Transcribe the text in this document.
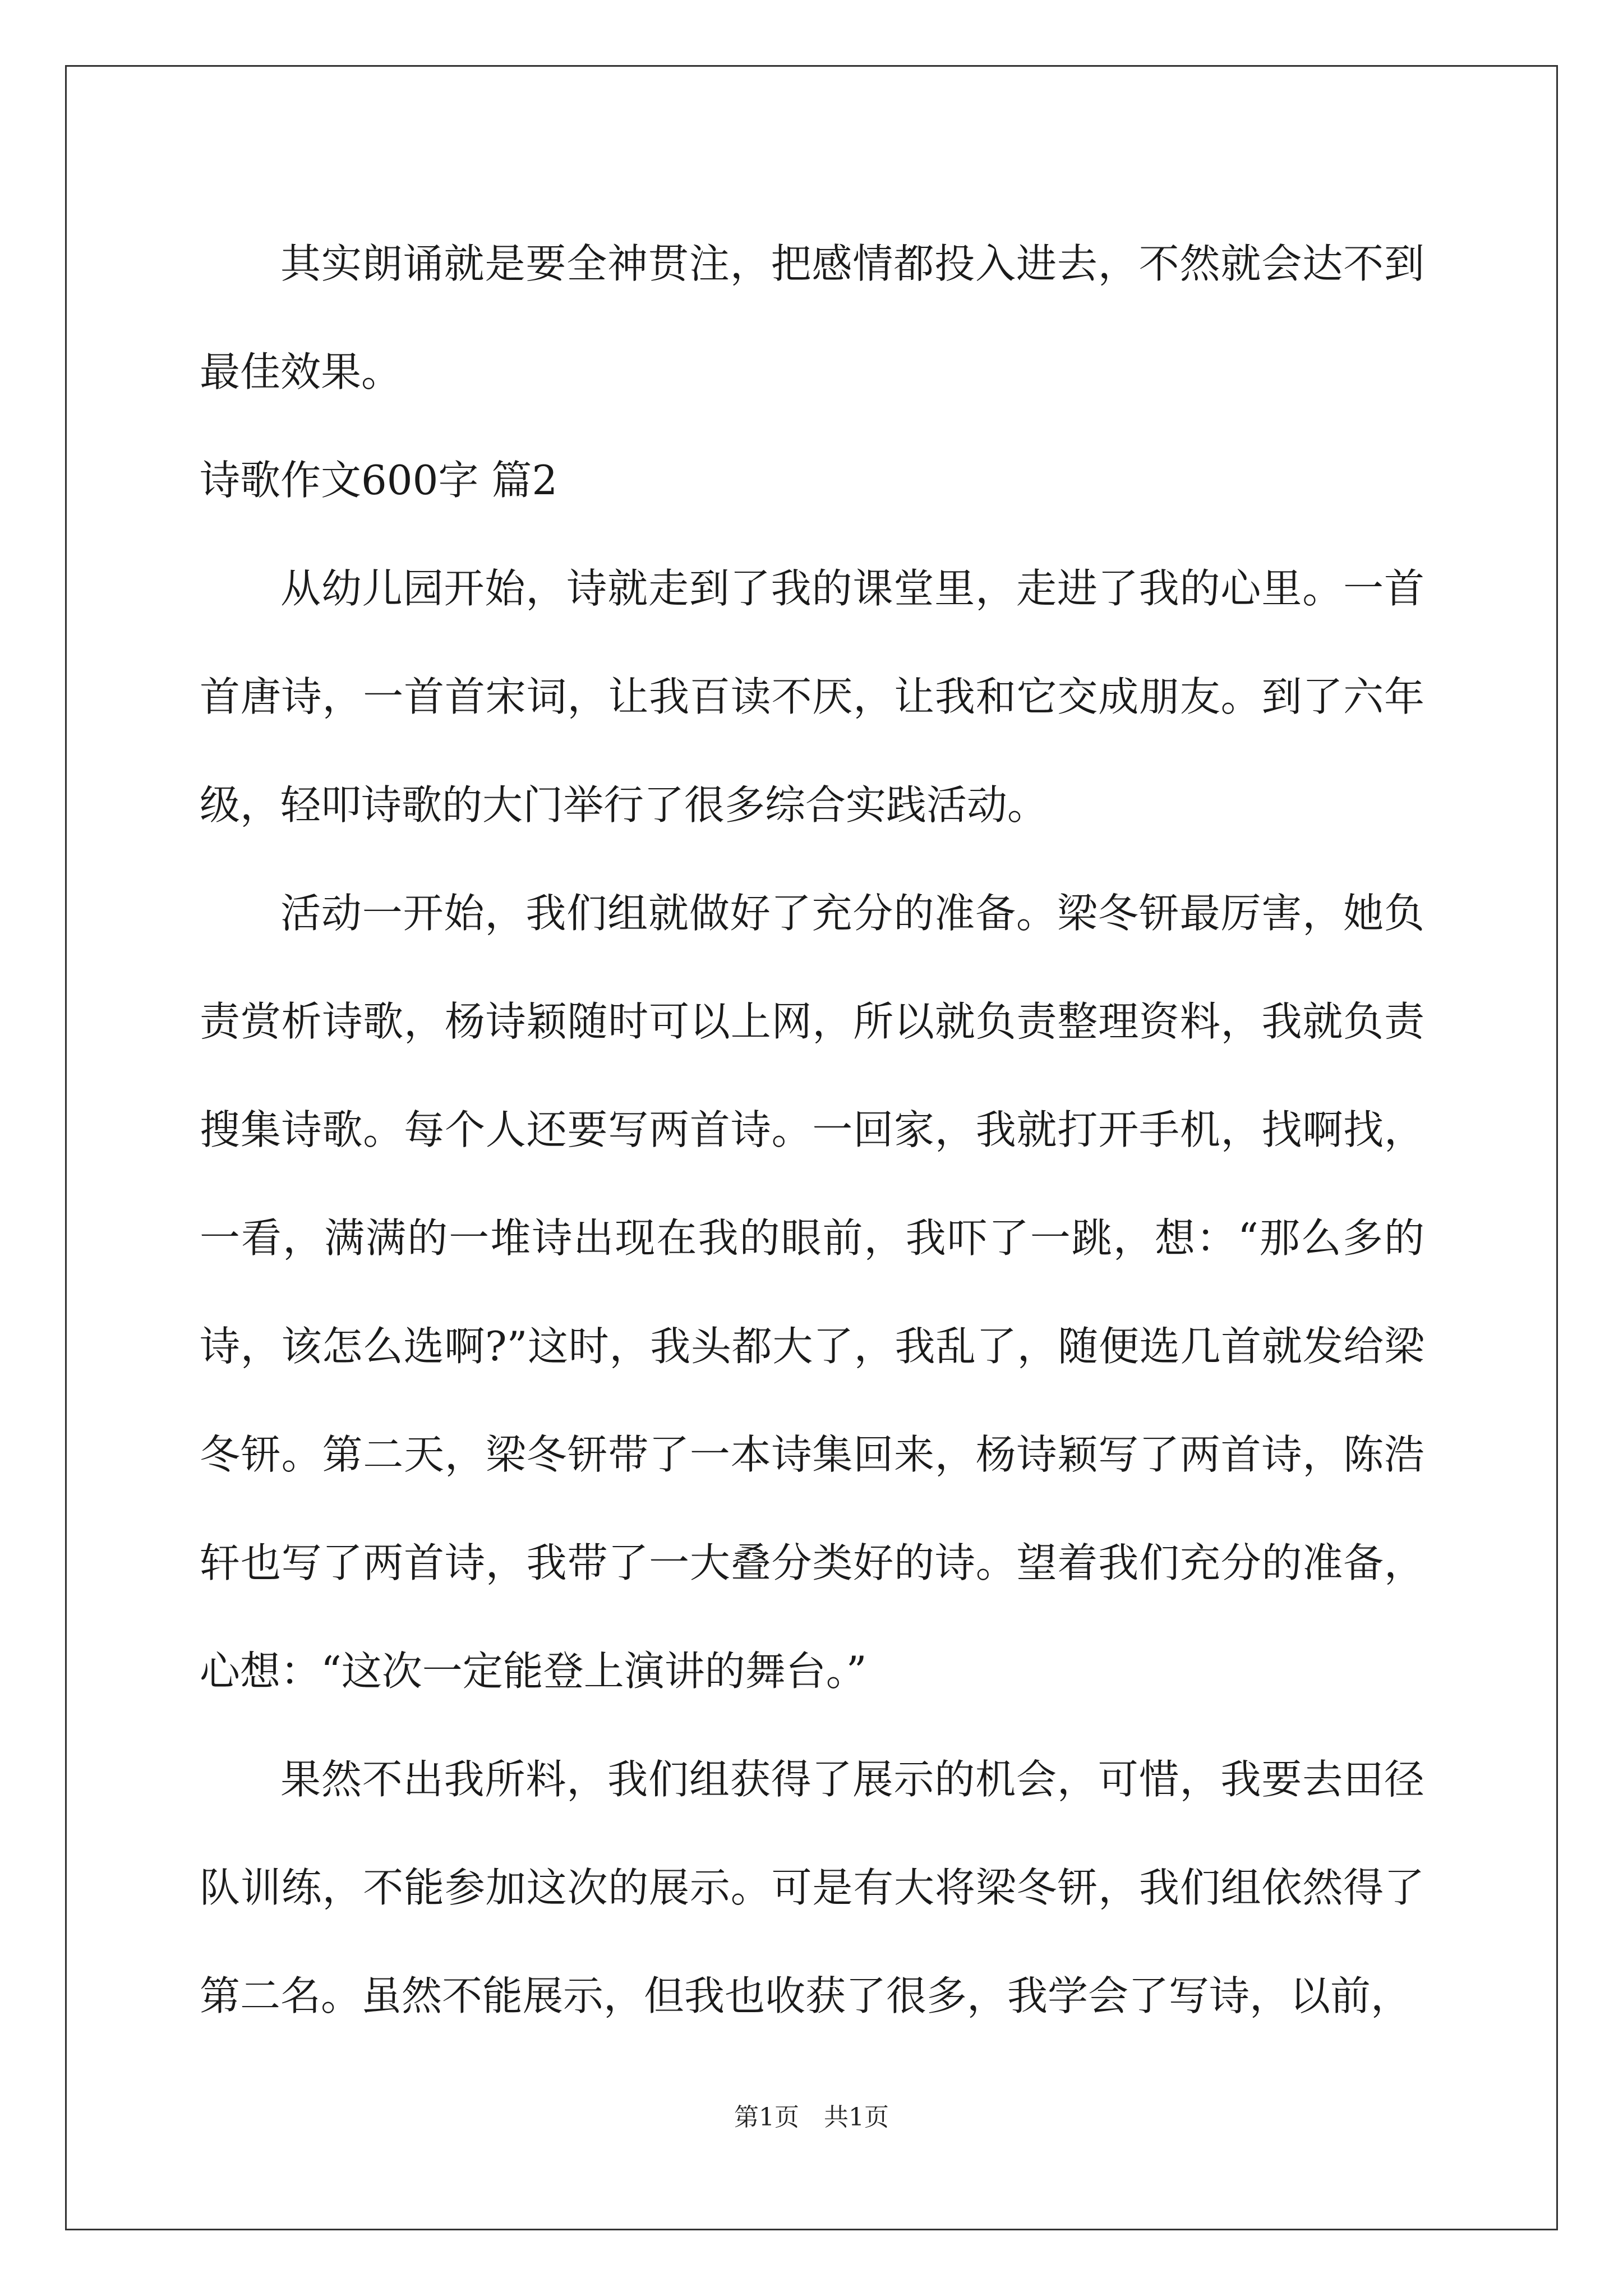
其实朗诵就是要全神贯注，把感情都投入进去，不然就会达不到最佳效果。

诗歌作文600字 篇2

从幼儿园开始，诗就走到了我的课堂里，走进了我的心里。一首首唐诗，一首首宋词，让我百读不厌，让我和它交成朋友。到了六年级，轻叩诗歌的大门举行了很多综合实践活动。

活动一开始，我们组就做好了充分的准备。梁冬钘最厉害，她负责赏析诗歌，杨诗颖随时可以上网，所以就负责整理资料，我就负责搜集诗歌。每个人还要写两首诗。一回家，我就打开手机，找啊找，一看，满满的一堆诗出现在我的眼前，我吓了一跳，想：“那么多的诗，该怎么选啊?”这时，我头都大了，我乱了，随便选几首就发给梁冬钘。第二天，梁冬钘带了一本诗集回来，杨诗颖写了两首诗，陈浩轩也写了两首诗，我带了一大叠分类好的诗。望着我们充分的准备，心想：“这次一定能登上演讲的舞台。”

果然不出我所料，我们组获得了展示的机会，可惜，我要去田径队训练，不能参加这次的展示。可是有大将梁冬钘，我们组依然得了第二名。虽然不能展示，但我也收获了很多，我学会了写诗，以前，

第1页　共1页
